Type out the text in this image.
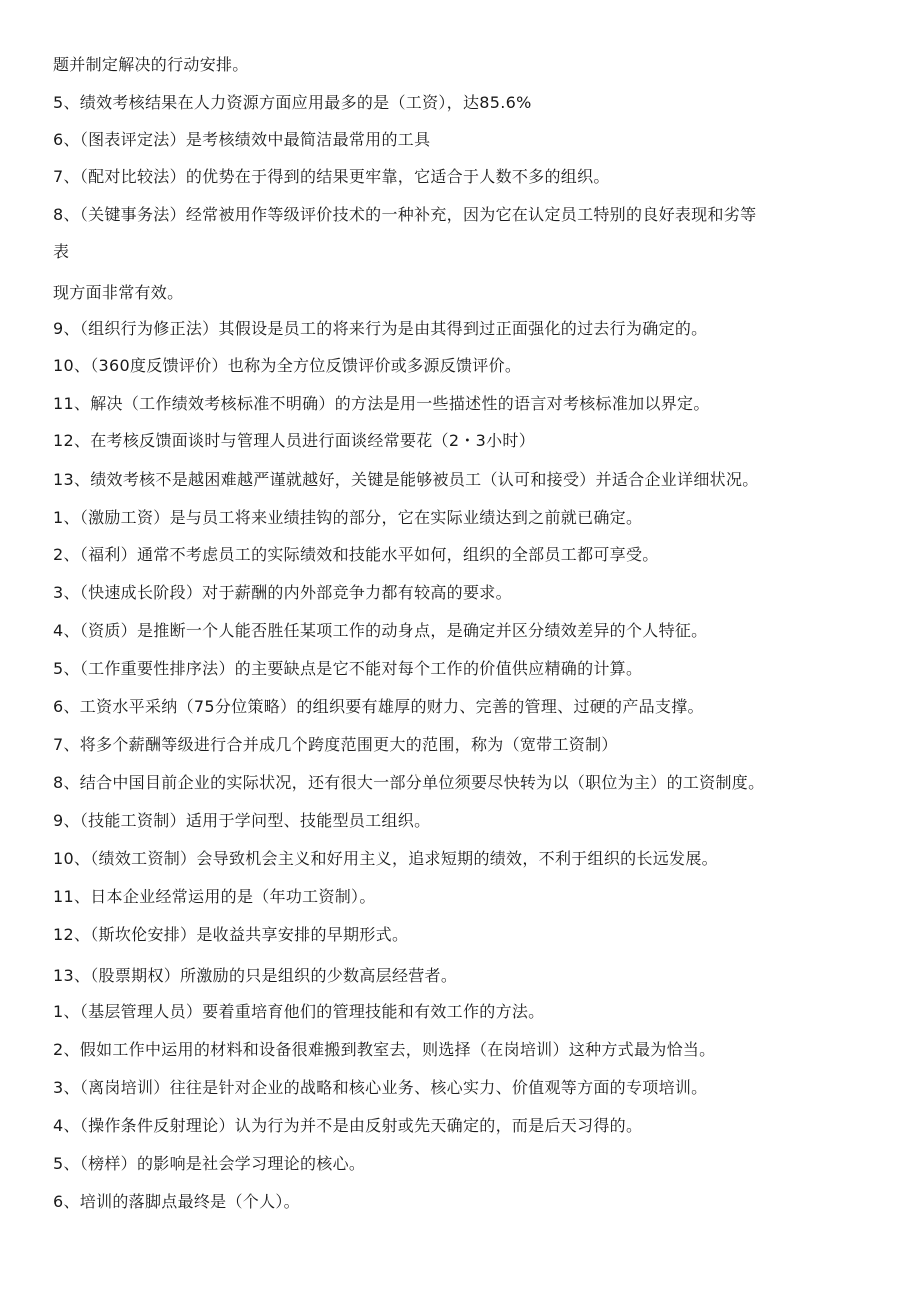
题并制定解决的行动安排。
5、绩效考核结果在人力资源方面应用最多的是（工资），达85.6%
6、（图表评定法）是考核绩效中最简洁最常用的工具
7、（配对比较法）的优势在于得到的结果更牢靠，它适合于人数不多的组织。
8、（关键事务法）经常被用作等级评价技术的一种补充，因为它在认定员工特别的良好表现和劣等
表
现方面非常有效。
9、（组织行为修正法）其假设是员工的将来行为是由其得到过正面强化的过去行为确定的。
10、（360度反馈评价）也称为全方位反馈评价或多源反馈评价。
11、解决（工作绩效考核标准不明确）的方法是用一些描述性的语言对考核标准加以界定。
12、在考核反馈面谈时与管理人员进行面谈经常要花（2・3小时）
13、绩效考核不是越困难越严谨就越好，关键是能够被员工（认可和接受）并适合企业详细状况。
1、（激励工资）是与员工将来业绩挂钩的部分，它在实际业绩达到之前就已确定。
2、（福利）通常不考虑员工的实际绩效和技能水平如何，组织的全部员工都可享受。
3、（快速成长阶段）对于薪酬的内外部竞争力都有较高的要求。
4、（资质）是推断一个人能否胜任某项工作的动身点，是确定并区分绩效差异的个人特征。
5、（工作重要性排序法）的主要缺点是它不能对每个工作的价值供应精确的计算。
6、工资水平采纳（75分位策略）的组织要有雄厚的财力、完善的管理、过硬的产品支撑。
7、将多个薪酬等级进行合并成几个跨度范围更大的范围，称为（宽带工资制）
8、结合中国目前企业的实际状况，还有很大一部分单位须要尽快转为以（职位为主）的工资制度。
9、（技能工资制）适用于学问型、技能型员工组织。
10、（绩效工资制）会导致机会主义和好用主义，追求短期的绩效，不利于组织的长远发展。
11、日本企业经常运用的是（年功工资制）。
12、（斯坎伦安排）是收益共享安排的早期形式。
13、（股票期权）所激励的只是组织的少数高层经营者。
1、（基层管理人员）要着重培育他们的管理技能和有效工作的方法。
2、假如工作中运用的材料和设备很难搬到教室去，则选择（在岗培训）这种方式最为恰当。
3、（离岗培训）往往是针对企业的战略和核心业务、核心实力、价值观等方面的专项培训。
4、（操作条件反射理论）认为行为并不是由反射或先天确定的，而是后天习得的。
5、（榜样）的影响是社会学习理论的核心。
6、培训的落脚点最终是（个人）。
